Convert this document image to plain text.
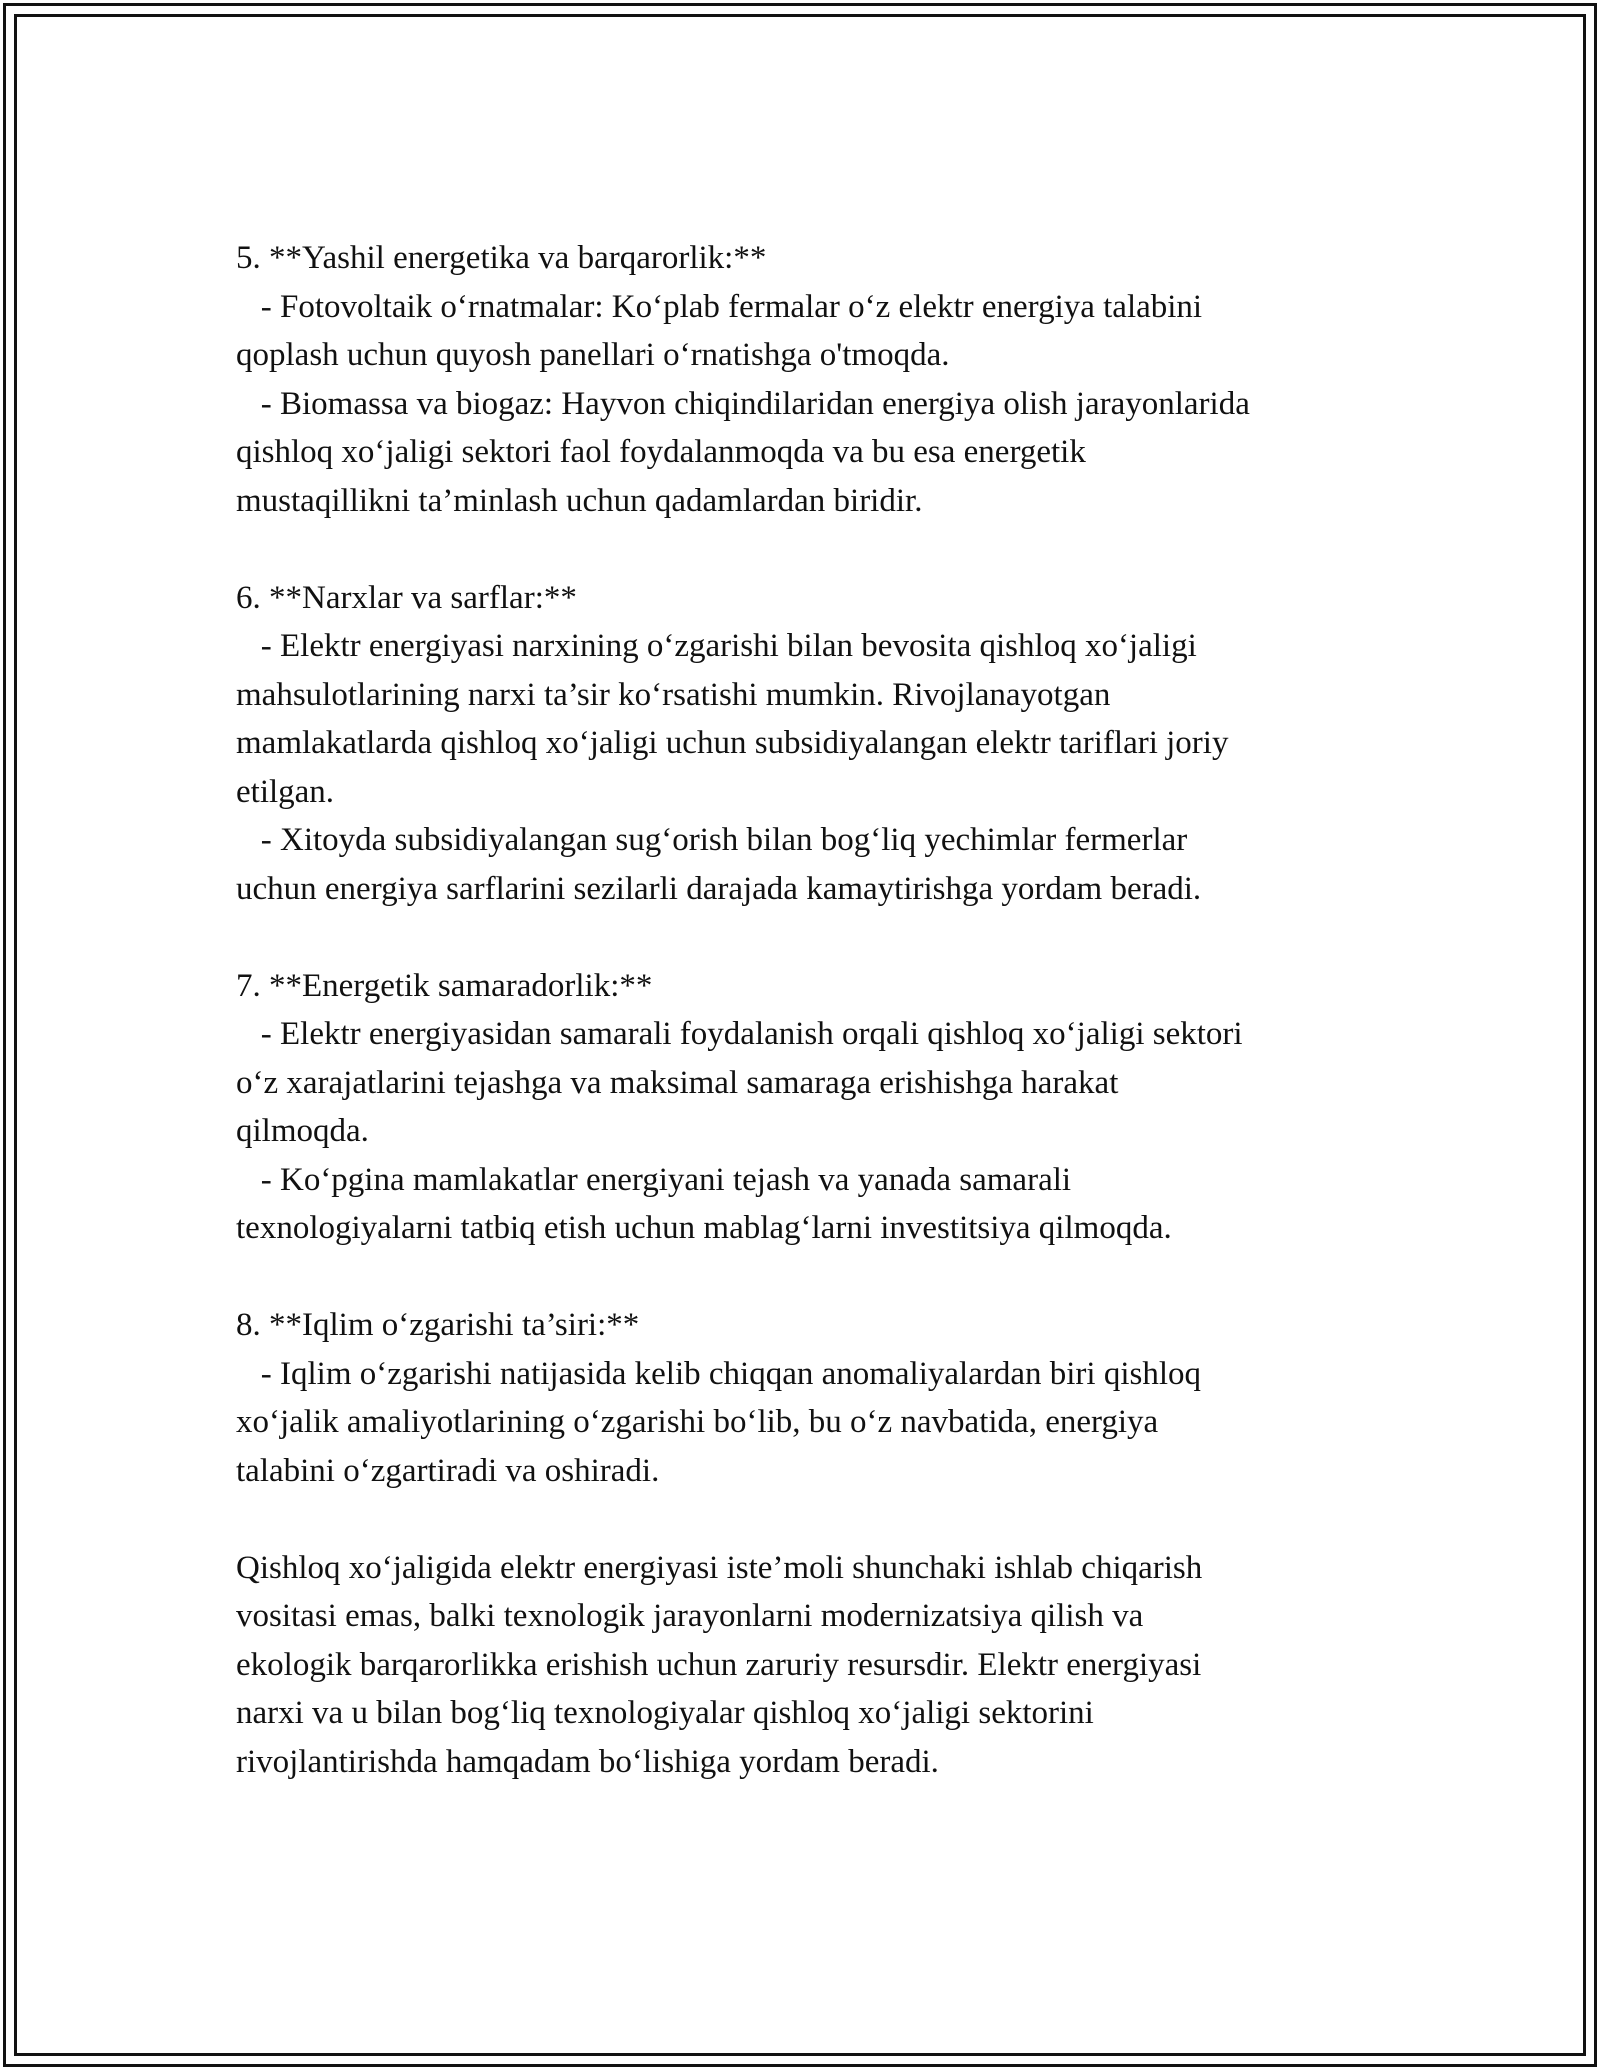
5. **Yashil energetika va barqarorlik:**
- Fotovoltaik o‘rnatmalar: Ko‘plab fermalar o‘z elektr energiya talabini
qoplash uchun quyosh panellari o‘rnatishga o'tmoqda.
- Biomassa va biogaz: Hayvon chiqindilaridan energiya olish jarayonlarida
qishloq xo‘jaligi sektori faol foydalanmoqda va bu esa energetik
mustaqillikni ta’minlash uchun qadamlardan biridir.
6. **Narxlar va sarflar:**
- Elektr energiyasi narxining o‘zgarishi bilan bevosita qishloq xo‘jaligi
mahsulotlarining narxi ta’sir ko‘rsatishi mumkin. Rivojlanayotgan
mamlakatlarda qishloq xo‘jaligi uchun subsidiyalangan elektr tariflari joriy
etilgan.
- Xitoyda subsidiyalangan sug‘orish bilan bog‘liq yechimlar fermerlar
uchun energiya sarflarini sezilarli darajada kamaytirishga yordam beradi.
7. **Energetik samaradorlik:**
- Elektr energiyasidan samarali foydalanish orqali qishloq xo‘jaligi sektori
o‘z xarajatlarini tejashga va maksimal samaraga erishishga harakat
qilmoqda.
- Ko‘pgina mamlakatlar energiyani tejash va yanada samarali
texnologiyalarni tatbiq etish uchun mablag‘larni investitsiya qilmoqda.
8. **Iqlim o‘zgarishi ta’siri:**
- Iqlim o‘zgarishi natijasida kelib chiqqan anomaliyalardan biri qishloq
xo‘jalik amaliyotlarining o‘zgarishi bo‘lib, bu o‘z navbatida, energiya
talabini o‘zgartiradi va oshiradi.
Qishloq xo‘jaligida elektr energiyasi iste’moli shunchaki ishlab chiqarish
vositasi emas, balki texnologik jarayonlarni modernizatsiya qilish va
ekologik barqarorlikka erishish uchun zaruriy resursdir. Elektr energiyasi
narxi va u bilan bog‘liq texnologiyalar qishloq xo‘jaligi sektorini
rivojlantirishda hamqadam bo‘lishiga yordam beradi.
